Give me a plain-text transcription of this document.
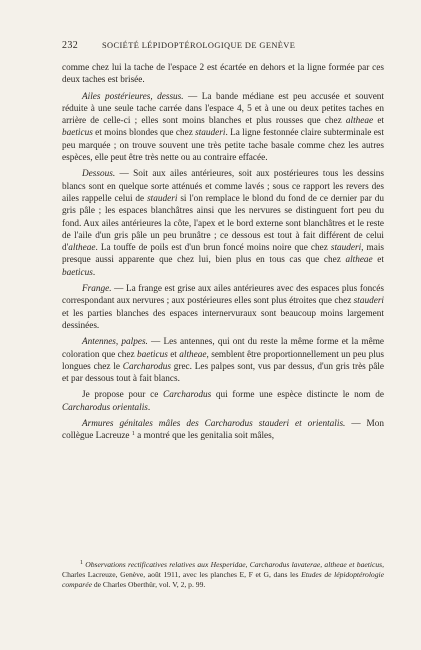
232	SOCIÉTÉ LÉPIDOPTÉROLOGIQUE DE GENÈVE

comme chez lui la tache de l'espace 2 est écartée en dehors et la ligne formée par ces deux taches est brisée.

Ailes postérieures, dessus. — La bande médiane est peu accusée et souvent réduite à une seule tache carrée dans l'espace 4, 5 et à une ou deux petites taches en arrière de celle-ci ; elles sont moins blanches et plus rousses que chez altheae et baeticus et moins blondes que chez stauderi. La ligne festonnée claire subterminale est peu marquée ; on trouve souvent une très petite tache basale comme chez les autres espèces, elle peut être très nette ou au contraire effacée.

Dessous. — Soit aux ailes antérieures, soit aux postérieures tous les dessins blancs sont en quelque sorte atténués et comme lavés ; sous ce rapport les revers des ailes rappelle celui de stauderi si l'on remplace le blond du fond de ce dernier par du gris pâle ; les espaces blanchâtres ainsi que les nervures se distinguent fort peu du fond. Aux ailes antérieures la côte, l'apex et le bord externe sont blanchâtres et le reste de l'aile d'un gris pâle un peu brunâtre ; ce dessous est tout à fait différent de celui d'altheae. La touffe de poils est d'un brun foncé moins noire que chez stauderi, mais presque aussi apparente que chez lui, bien plus en tous cas que chez altheae et baeticus.

Frange. — La frange est grise aux ailes antérieures avec des espaces plus foncés correspondant aux nervures ; aux postérieures elles sont plus étroites que chez stauderi et les parties blanches des espaces internervuraux sont beaucoup moins largement dessinées.

Antennes, palpes. — Les antennes, qui ont du reste la même forme et la même coloration que chez baeticus et altheae, semblent être proportionnellement un peu plus longues chez le Carcharodus grec. Les palpes sont, vus par dessus, d'un gris très pâle et par dessous tout à fait blancs.

Je propose pour ce Carcharodus qui forme une espèce distincte le nom de Carcharodus orientalis.

Armures génitales mâles des Carcharodus stauderi et orientalis. — Mon collègue Lacreuze $^1$ a montré que les genitalia soit mâles,

$^1$ Observations rectificatives relatives aux Hesperidae, Carcharodus lavaterae, altheae et baeticus, Charles Lacreuze, Genève, août 1911, avec les planches E, F et G, dans les Etudes de lépidoptérologie comparée de Charles Oberthür, vol. V, 2, p. 99.
